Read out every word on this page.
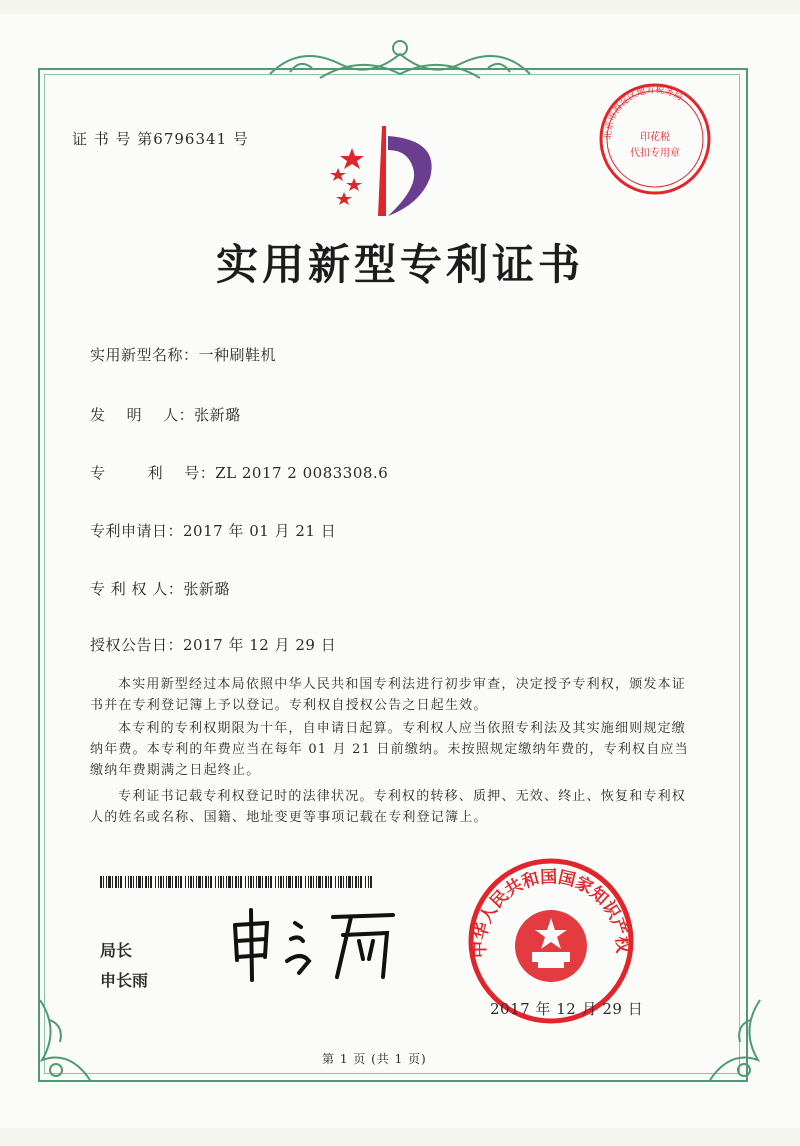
证 书 号 第6796341 号	北京市海淀区地方税务局
印花税
代扣专用章
实用新型专利证书
实用新型名称：一种刷鞋机
发    明    人：张新璐
专        利    号：ZL 2017 2 0083308.6
专利申请日：2017 年 01 月 21 日
专 利 权 人：张新璐
授权公告日：2017 年 12 月 29 日
本实用新型经过本局依照中华人民共和国专利法进行初步审查，决定授予专利权，颁发本证书并在专利登记簿上予以登记。专利权自授权公告之日起生效。
本专利的专利权期限为十年，自申请日起算。专利权人应当依照专利法及其实施细则规定缴纳年费。本专利的年费应当在每年 01 月 21 日前缴纳。未按照规定缴纳年费的，专利权自应当缴纳年费期满之日起终止。
专利证书记载专利权登记时的法律状况。专利权的转移、质押、无效、终止、恢复和专利权人的姓名或名称、国籍、地址变更等事项记载在专利登记簿上。
局长
申长雨
中华人民共和国国家知识产权
2017 年 12 月 29 日
第 1 页 (共 1 页)
